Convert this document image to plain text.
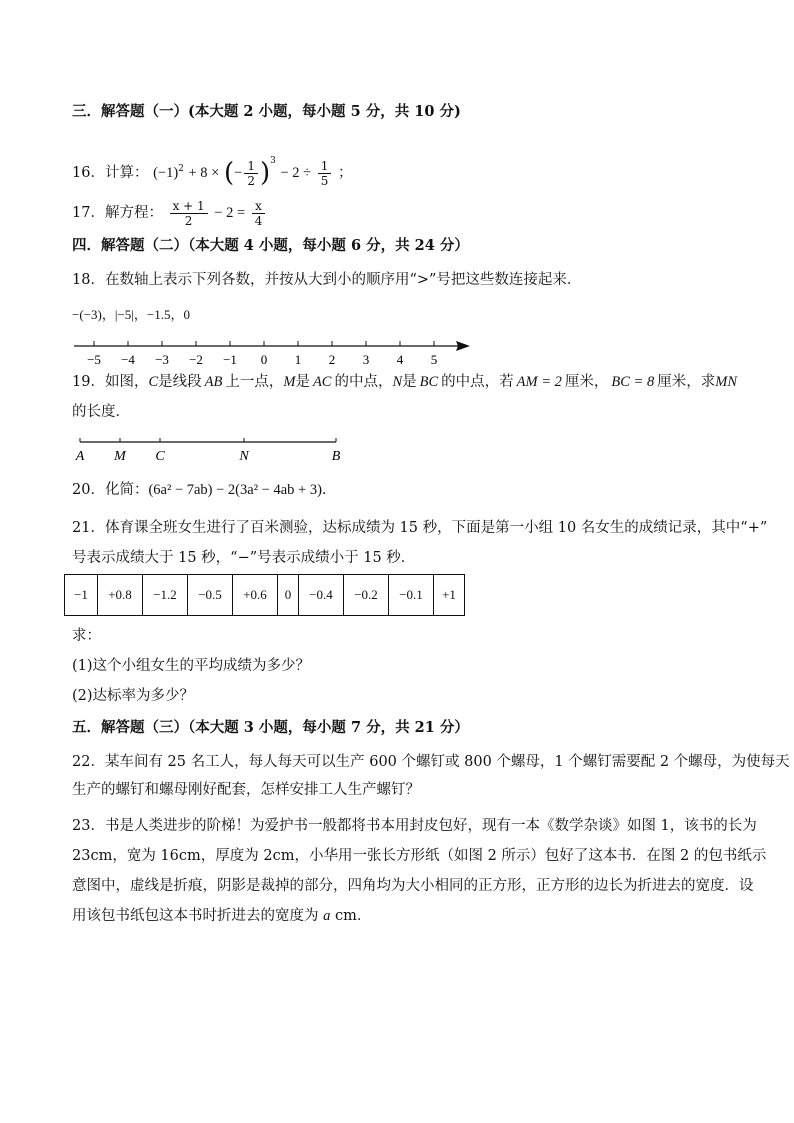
三．解答题（一）(本大题 2 小题，每小题 5 分，共 10 分)
16．计算： $(-1)^2 + 8$ × (− $\frac{1}{2} )^3 - 2 \div \frac{1}{5}$ ；
17．解方程： $\frac{x + 1}{2} - 2 = \frac{x}{4}$
四．解答题（二）（本大题 4 小题，每小题 6 分，共 24 分）
18．在数轴上表示下列各数，并按从大到小的顺序用“>”号把这些数连接起来．
−(−3)，|−5|，−1.5，0
−5 −4 −3 −2 −1 0 1 2 3 4 5
19．如图，C是线段 AB 上一点，M是 AC 的中点，N是 BC 的中点，若 AM = 2 厘米， BC = 8 厘米，求MN
的长度．
A M C	N	B
20．化简：(6a² − 7ab) − 2(3a² − 4ab + 3)．
21．体育课全班女生进行了百米测验，达标成绩为 15 秒，下面是第一小组 10 名女生的成绩记录，其中“+”
号表示成绩大于 15 秒，“−”号表示成绩小于 15 秒．
−1	+0.8	−1.2	−0.5	+0.6	0	−0.4	−0.2	−0.1	+1
求：
(1)这个小组女生的平均成绩为多少？
(2)达标率为多少？
五．解答题（三）（本大题 3 小题，每小题 7 分，共 21 分）
22．某车间有 25 名工人，每人每天可以生产 600 个螺钉或 800 个螺母，1 个螺钉需要配 2 个螺母，为使每天
生产的螺钉和螺母刚好配套，怎样安排工人生产螺钉？
23．书是人类进步的阶梯！为爱护书一般都将书本用封皮包好，现有一本《数学杂谈》如图 1，该书的长为
23cm，宽为 16cm，厚度为 2cm，小华用一张长方形纸（如图 2 所示）包好了这本书．在图 2 的包书纸示
意图中，虚线是折痕，阴影是裁掉的部分，四角均为大小相同的正方形，正方形的边长为折进去的宽度．设
用该包书纸包这本书时折进去的宽度为 a cm．
